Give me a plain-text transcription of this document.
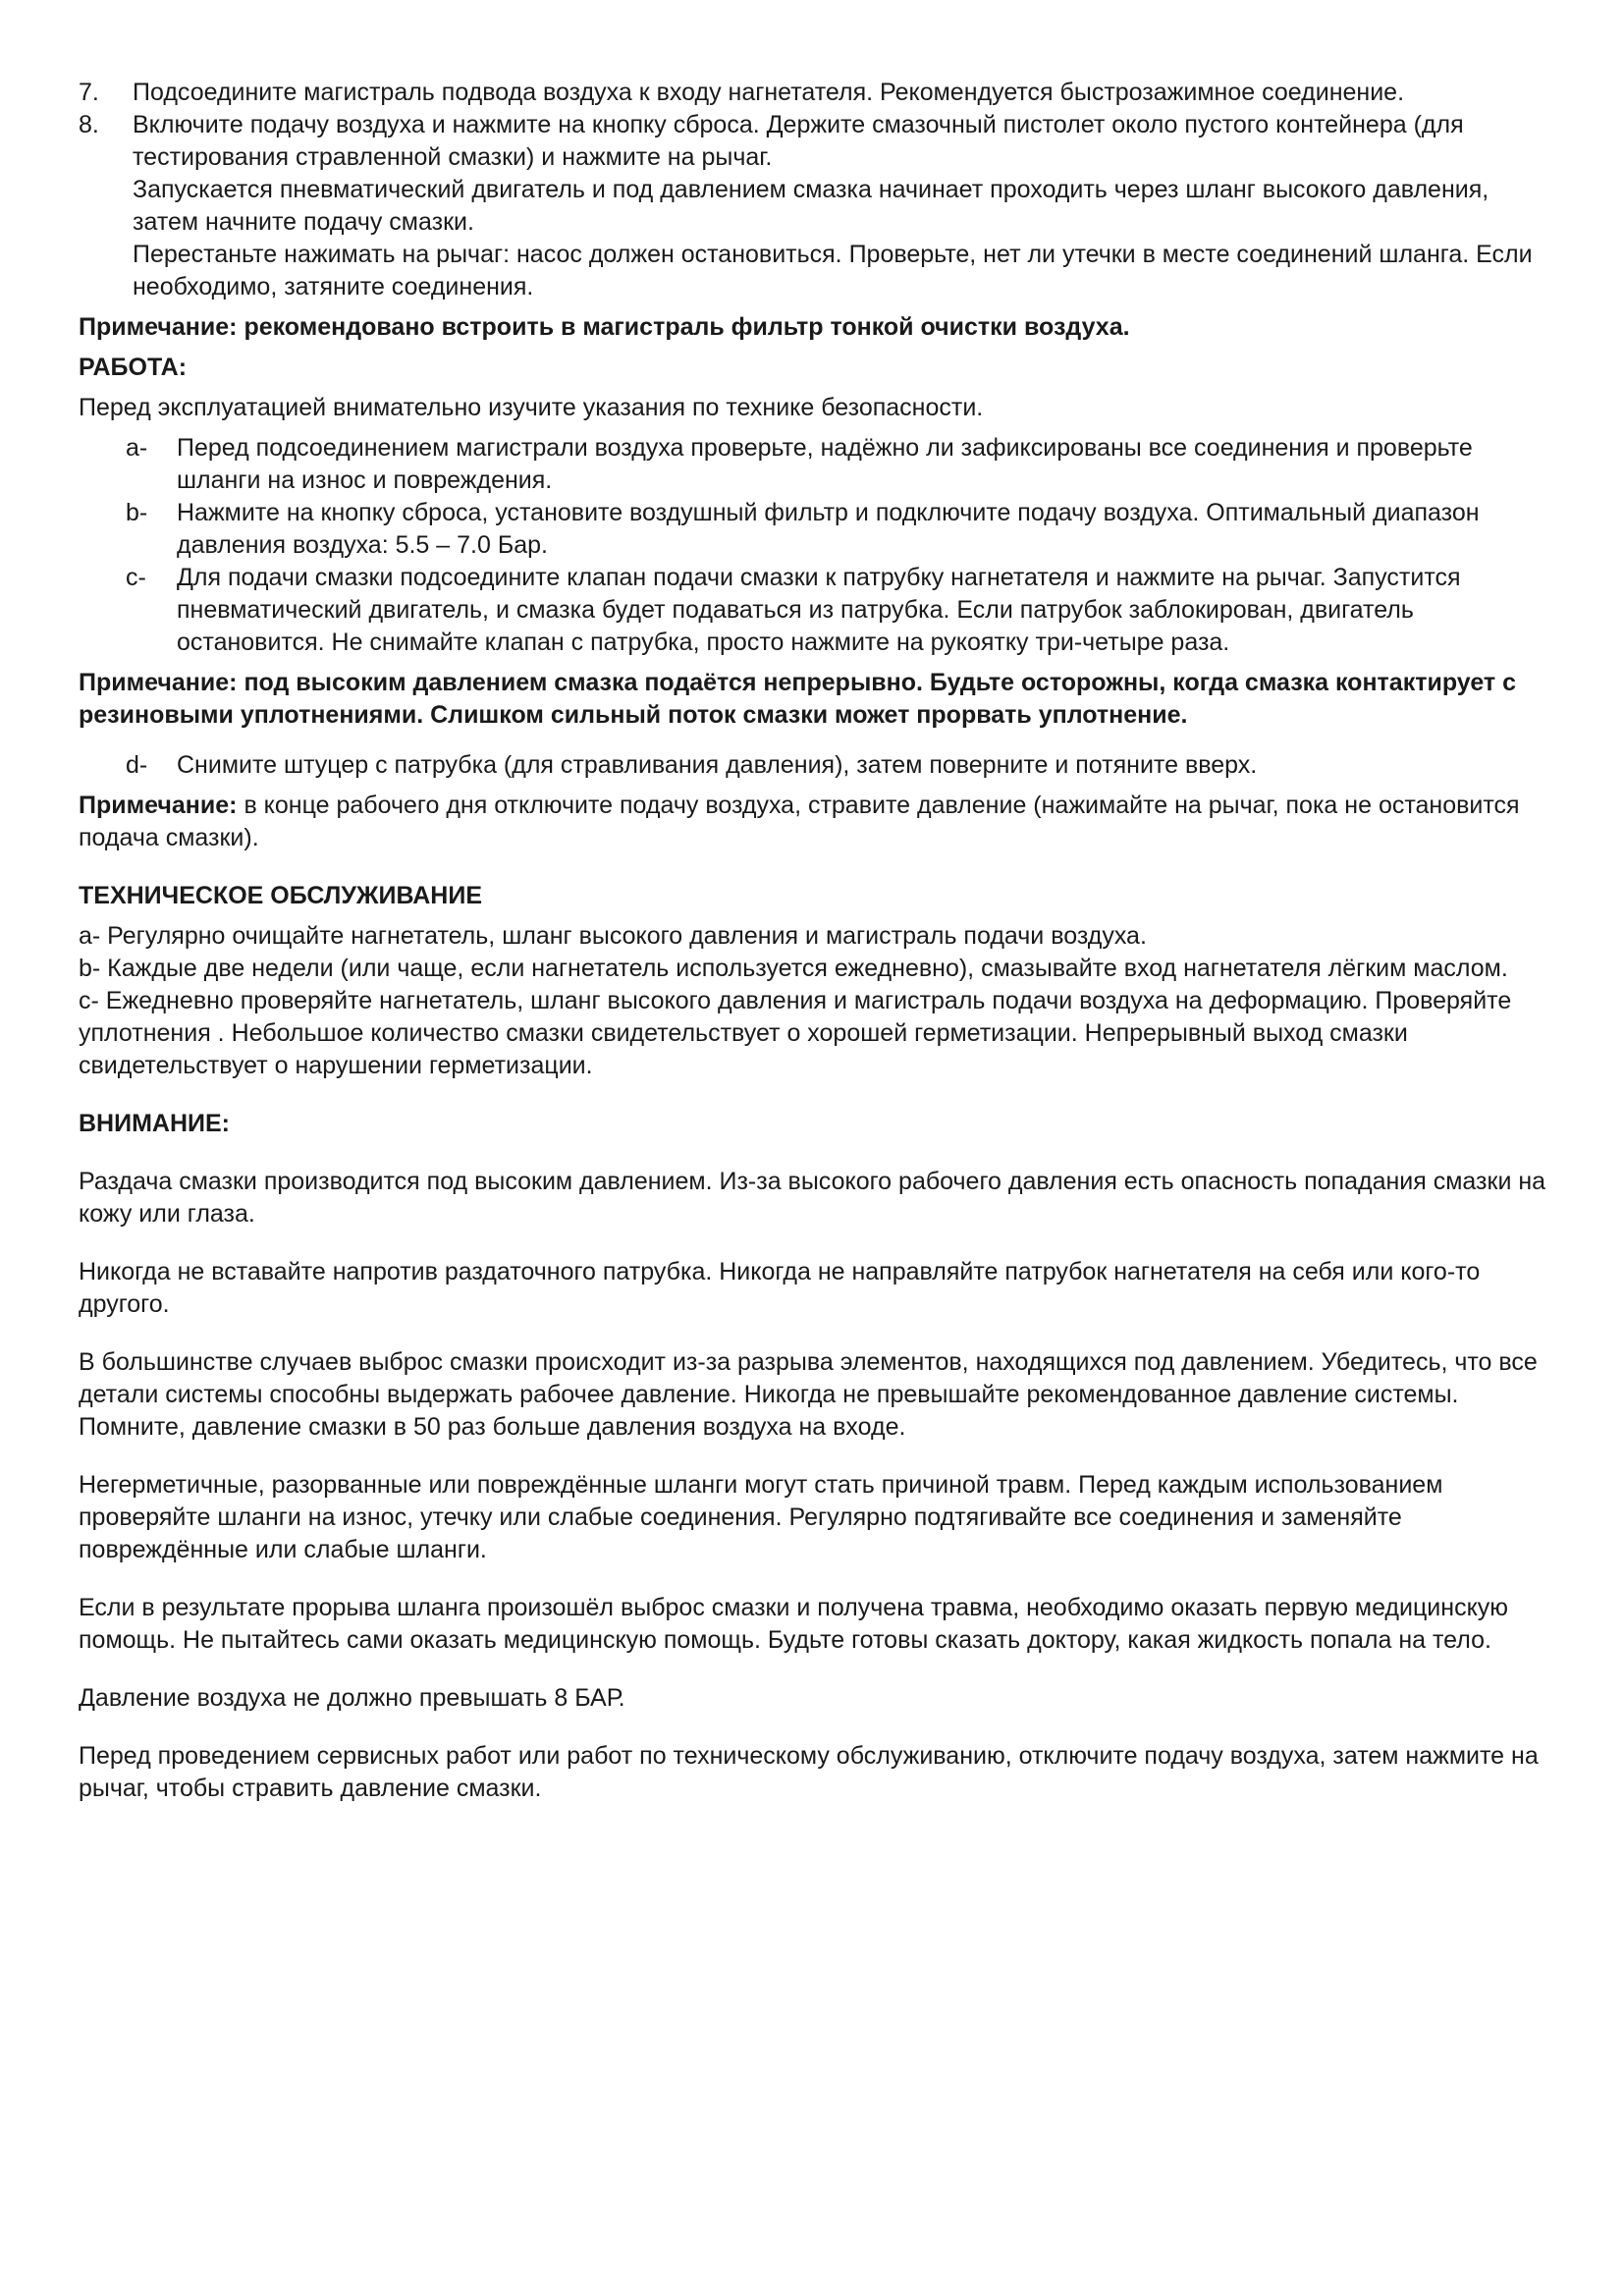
7.	Подсоедините магистраль подвода воздуха к входу нагнетателя. Рекомендуется быстрозажимное соединение.
8.	Включите подачу воздуха и нажмите на кнопку сброса. Держите смазочный пистолет около пустого контейнера (для тестирования стравленной смазки) и нажмите на рычаг.

Запускается пневматический двигатель и под давлением смазка начинает проходить через шланг высокого давления, затем начните подачу смазки.

Перестаньте нажимать на рычаг: насос должен остановиться. Проверьте, нет ли утечки в месте соединений шланга. Если необходимо, затяните соединения.

Примечание: рекомендовано встроить в магистраль фильтр тонкой очистки воздуха.

РАБОТА:

Перед эксплуатацией внимательно изучите указания по технике безопасности.

a-	Перед подсоединением магистрали воздуха проверьте, надёжно ли зафиксированы все соединения и проверьте шланги на износ и повреждения.
b-	Нажмите на кнопку сброса, установите воздушный фильтр и подключите подачу воздуха. Оптимальный диапазон давления воздуха: 5.5 – 7.0 Бар.
c-	Для подачи смазки подсоедините клапан подачи смазки к патрубку нагнетателя и нажмите на рычаг. Запустится пневматический двигатель, и смазка будет подаваться из патрубка. Если патрубок заблокирован, двигатель остановится. Не снимайте клапан с патрубка, просто нажмите на рукоятку три-четыре раза.

Примечание: под высоким давлением смазка подаётся непрерывно. Будьте осторожны, когда смазка контактирует с резиновыми уплотнениями. Слишком сильный поток смазки может прорвать уплотнение.

d-	Снимите штуцер с патрубка (для стравливания давления), затем поверните и потяните вверх.

Примечание: в конце рабочего дня отключите подачу воздуха, стравите давление (нажимайте на рычаг, пока не остановится подача смазки).

ТЕХНИЧЕСКОЕ ОБСЛУЖИВАНИЕ

a- Регулярно очищайте нагнетатель, шланг высокого давления и магистраль подачи воздуха.

b- Каждые две недели (или чаще, если нагнетатель используется ежедневно), смазывайте вход нагнетателя лёгким маслом.

c- Ежедневно проверяйте нагнетатель, шланг высокого давления и магистраль подачи воздуха на деформацию. Проверяйте уплотнения . Небольшое количество смазки свидетельствует о хорошей герметизации. Непрерывный выход смазки свидетельствует о нарушении герметизации.

ВНИМАНИЕ:

Раздача смазки производится под высоким давлением. Из-за высокого рабочего давления есть опасность попадания смазки на кожу или глаза.

Никогда не вставайте напротив раздаточного патрубка. Никогда не направляйте патрубок нагнетателя на себя или кого-то другого.

В большинстве случаев выброс смазки происходит из-за разрыва элементов, находящихся под давлением. Убедитесь, что все детали системы способны выдержать рабочее давление. Никогда не превышайте рекомендованное давление системы. Помните, давление смазки в 50 раз больше давления воздуха на входе.

Негерметичные, разорванные или повреждённые шланги могут стать причиной травм. Перед каждым использованием проверяйте шланги на износ, утечку или слабые соединения. Регулярно подтягивайте все соединения и заменяйте повреждённые или слабые шланги.

Если в результате прорыва шланга произошёл выброс смазки и получена травма, необходимо оказать первую медицинскую помощь. Не пытайтесь сами оказать медицинскую помощь. Будьте готовы сказать доктору, какая жидкость попала на тело.

Давление воздуха не должно превышать 8 БАР.

Перед проведением сервисных работ или работ по техническому обслуживанию, отключите подачу воздуха, затем нажмите на рычаг, чтобы стравить давление смазки.
